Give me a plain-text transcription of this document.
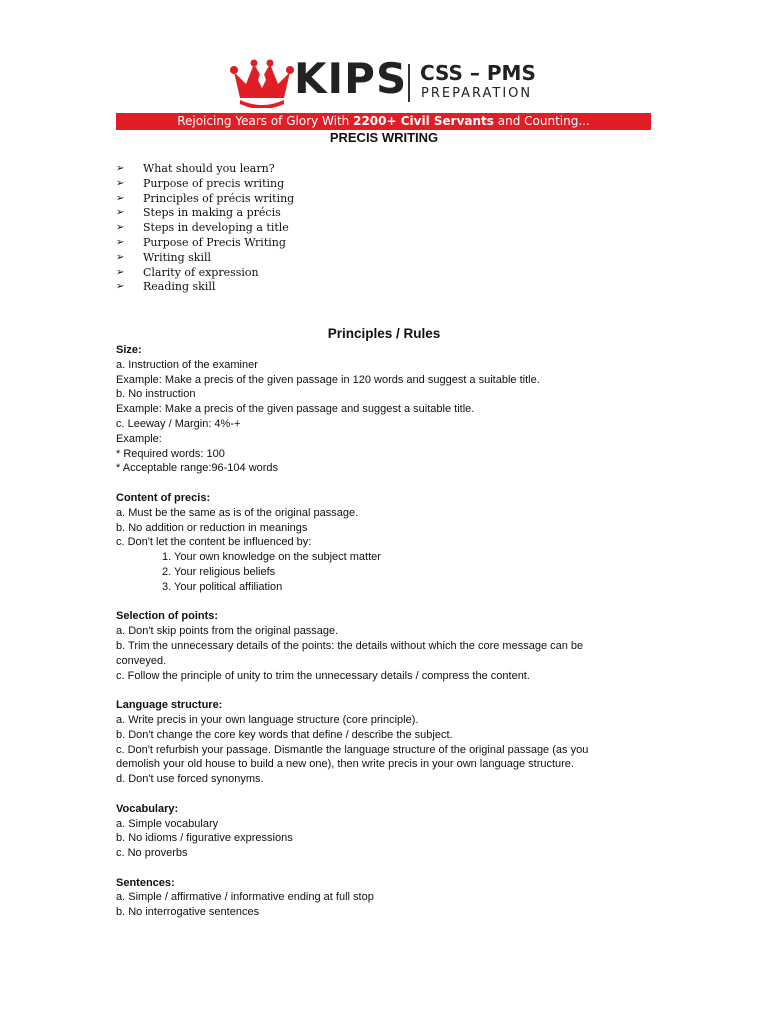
KIPS CSS – PMS
PREPARATION
Rejoicing Years of Glory With 2200+ Civil Servants and Counting...
PRECIS WRITING
➢ What should you learn?
➢ Purpose of precis writing
➢ Principles of précis writing
➢ Steps in making a précis
➢ Steps in developing a title
➢ Purpose of Precis Writing
➢ Writing skill
➢ Clarity of expression
➢ Reading skill
Principles / Rules

Size:

a. Instruction of the examiner

Example: Make a precis of the given passage in 120 words and suggest a suitable title.

b. No instruction

Example: Make a precis of the given passage and suggest a suitable title.

c. Leeway / Margin: 4%-+

Example:

* Required words: 100

* Acceptable range:96-104 words

Content of precis:

a. Must be the same as is of the original passage.

b. No addition or reduction in meanings

c. Don't let the content be influenced by:

1. Your own knowledge on the subject matter

2. Your religious beliefs

3. Your political affiliation

Selection of points:

a. Don't skip points from the original passage.

b. Trim the unnecessary details of the points: the details without which the core message can be

conveyed.

c. Follow the principle of unity to trim the unnecessary details / compress the content.

Language structure:

a. Write precis in your own language structure (core principle).

b. Don't change the core key words that define / describe the subject.

c. Don't refurbish your passage. Dismantle the language structure of the original passage (as you

demolish your old house to build a new one), then write precis in your own language structure.

d. Don't use forced synonyms.

Vocabulary:

a. Simple vocabulary

b. No idioms / figurative expressions

c. No proverbs

Sentences:

a. Simple / affirmative / informative ending at full stop

b. No interrogative sentences
